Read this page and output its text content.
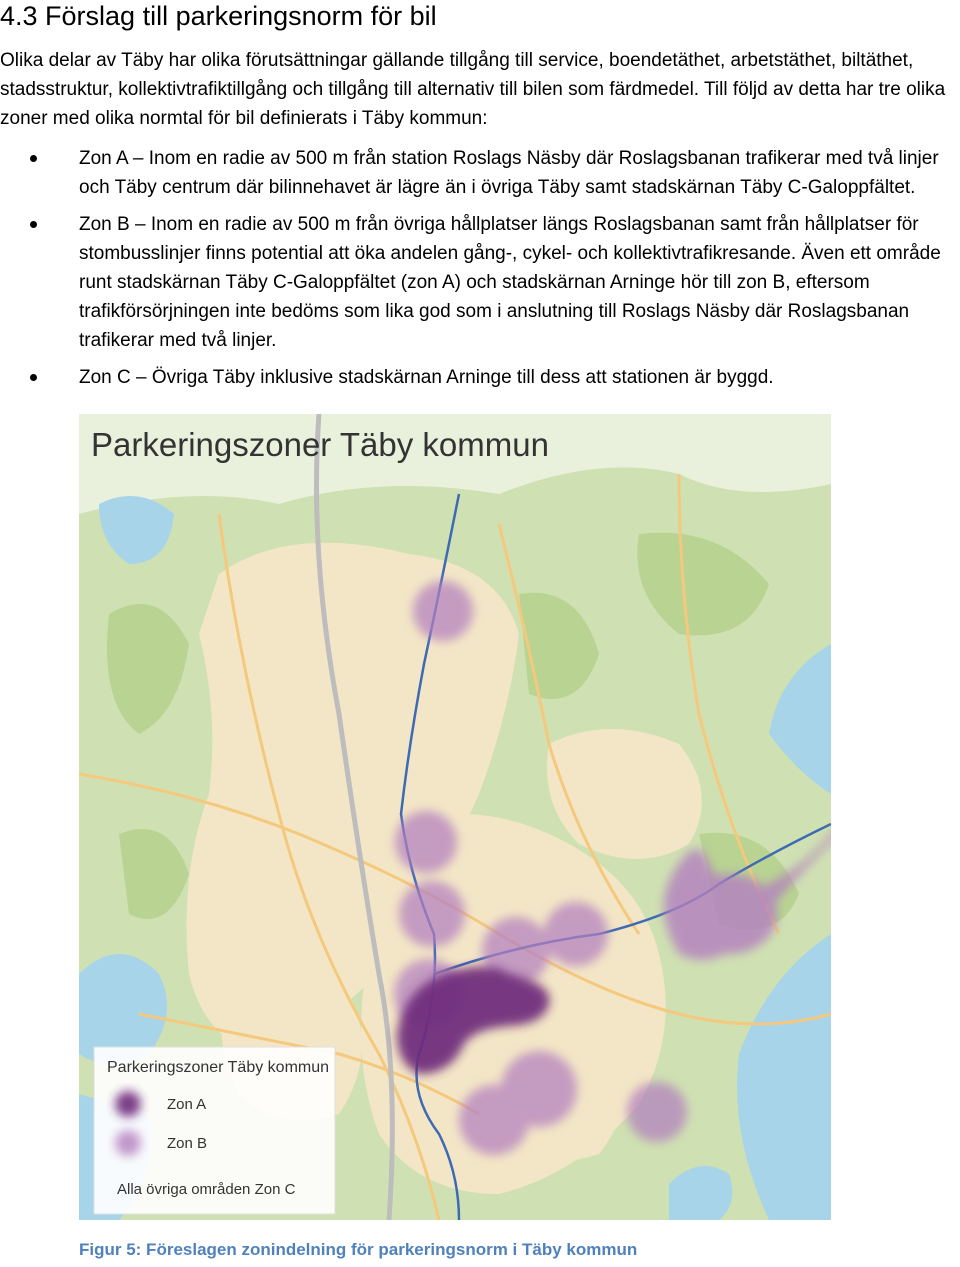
4.3 Förslag till parkeringsnorm för bil

Olika delar av Täby har olika förutsättningar gällande tillgång till service, boendetäthet, arbetstäthet, biltäthet, stadsstruktur, kollektivtrafiktillgång och tillgång till alternativ till bilen som färdmedel. Till följd av detta har tre olika zoner med olika normtal för bil definierats i Täby kommun:

Zon A – Inom en radie av 500 m från station Roslags Näsby där Roslagsbanan trafikerar med två linjer och Täby centrum där bilinnehavet är lägre än i övriga Täby samt stadskärnan Täby C-Galoppfältet.
Zon B – Inom en radie av 500 m från övriga hållplatser längs Roslagsbanan samt från hållplatser för stombusslinjer finns potential att öka andelen gång-, cykel- och kollektivtrafikresande. Även ett område runt stadskärnan Täby C-Galoppfältet (zon A) och stadskärnan Arninge hör till zon B, eftersom trafikförsörjningen inte bedöms som lika god som i anslutning till Roslags Näsby där Roslagsbanan trafikerar med två linjer.
Zon C – Övriga Täby inklusive stadskärnan Arninge till dess att stationen är byggd.
Parkeringszoner Täby kommun
Parkeringszoner Täby kommun
Zon A
Zon B
Alla övriga områden Zon C

Figur 5: Föreslagen zonindelning för parkeringsnorm i Täby kommun
